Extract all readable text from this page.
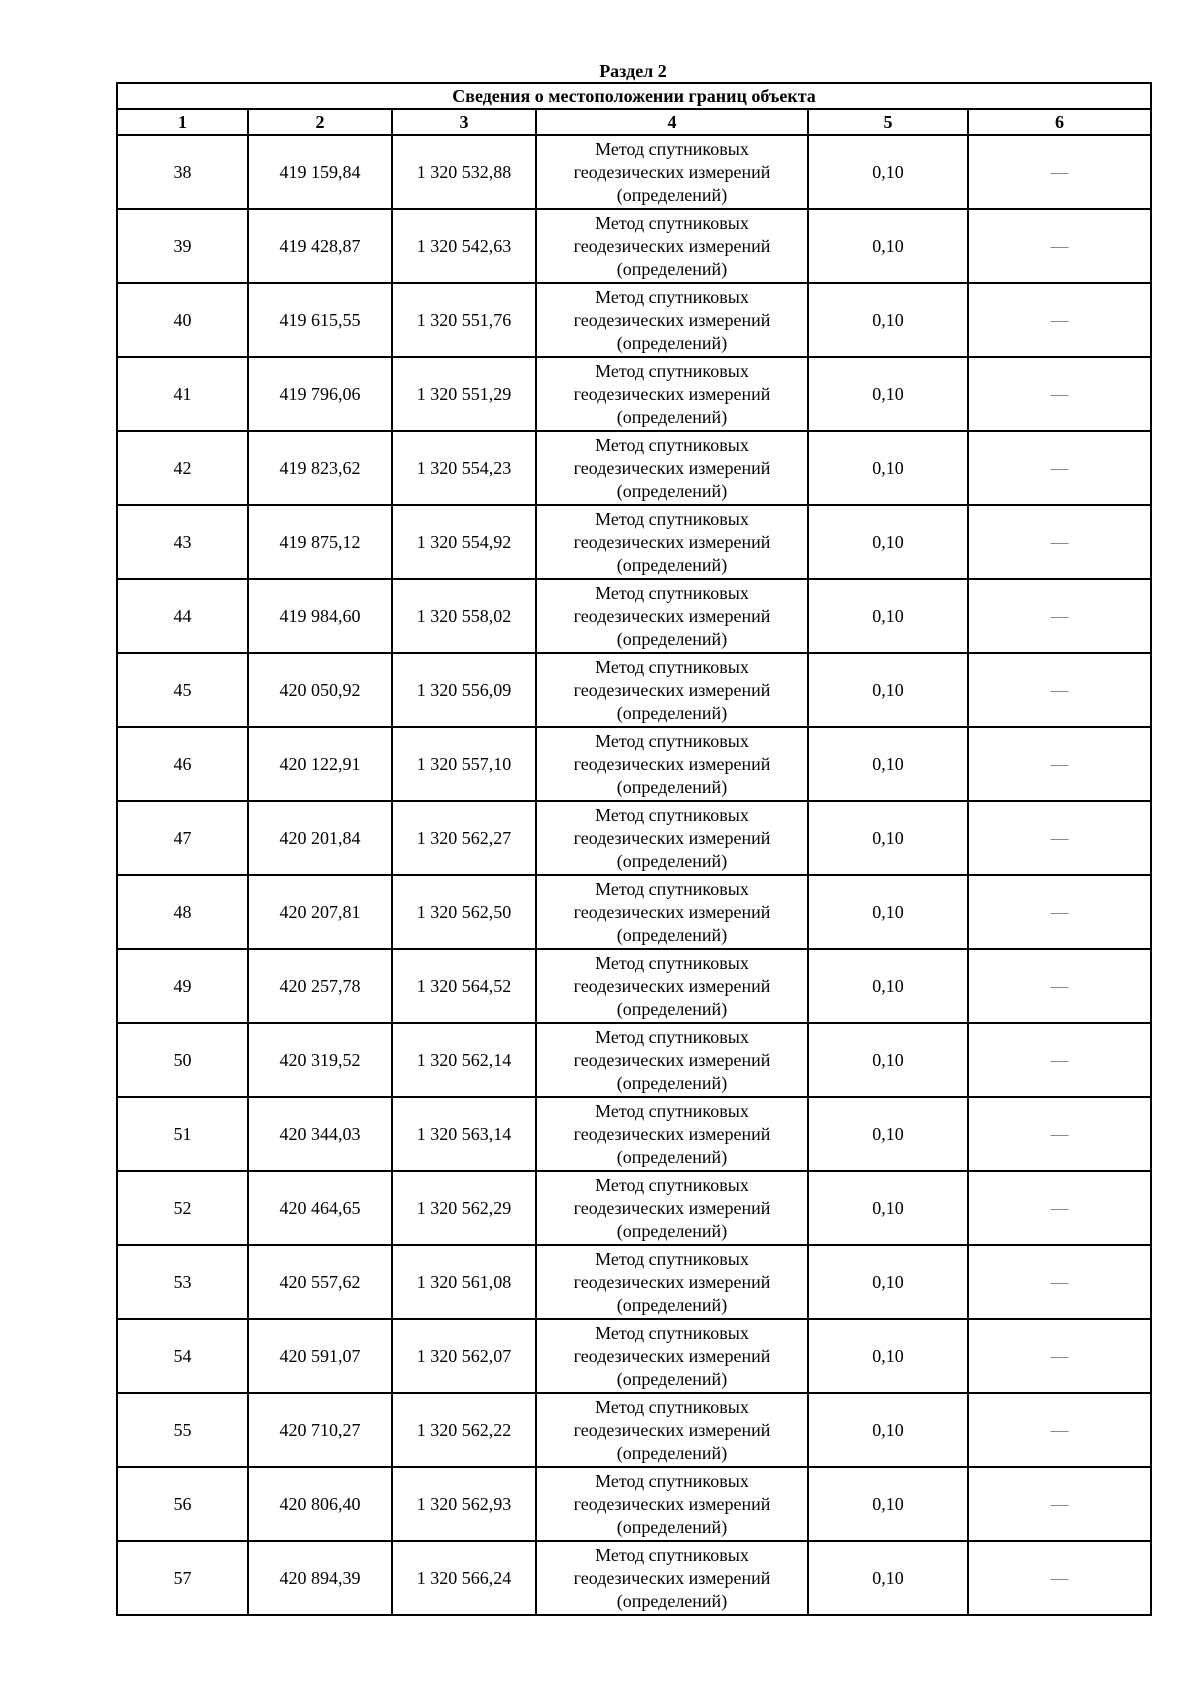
Раздел 2
Сведения о местоположении границ объекта					
1	2	3	4	5	6
38	419 159,84	1 320 532,88	Метод спутниковых
геодезических измерений
(определений)	0,10	—
39	419 428,87	1 320 542,63	Метод спутниковых
геодезических измерений
(определений)	0,10	—
40	419 615,55	1 320 551,76	Метод спутниковых
геодезических измерений
(определений)	0,10	—
41	419 796,06	1 320 551,29	Метод спутниковых
геодезических измерений
(определений)	0,10	—
42	419 823,62	1 320 554,23	Метод спутниковых
геодезических измерений
(определений)	0,10	—
43	419 875,12	1 320 554,92	Метод спутниковых
геодезических измерений
(определений)	0,10	—
44	419 984,60	1 320 558,02	Метод спутниковых
геодезических измерений
(определений)	0,10	—
45	420 050,92	1 320 556,09	Метод спутниковых
геодезических измерений
(определений)	0,10	—
46	420 122,91	1 320 557,10	Метод спутниковых
геодезических измерений
(определений)	0,10	—
47	420 201,84	1 320 562,27	Метод спутниковых
геодезических измерений
(определений)	0,10	—
48	420 207,81	1 320 562,50	Метод спутниковых
геодезических измерений
(определений)	0,10	—
49	420 257,78	1 320 564,52	Метод спутниковых
геодезических измерений
(определений)	0,10	—
50	420 319,52	1 320 562,14	Метод спутниковых
геодезических измерений
(определений)	0,10	—
51	420 344,03	1 320 563,14	Метод спутниковых
геодезических измерений
(определений)	0,10	—
52	420 464,65	1 320 562,29	Метод спутниковых
геодезических измерений
(определений)	0,10	—
53	420 557,62	1 320 561,08	Метод спутниковых
геодезических измерений
(определений)	0,10	—
54	420 591,07	1 320 562,07	Метод спутниковых
геодезических измерений
(определений)	0,10	—
55	420 710,27	1 320 562,22	Метод спутниковых
геодезических измерений
(определений)	0,10	—
56	420 806,40	1 320 562,93	Метод спутниковых
геодезических измерений
(определений)	0,10	—
57	420 894,39	1 320 566,24	Метод спутниковых
геодезических измерений
(определений)	0,10	—
